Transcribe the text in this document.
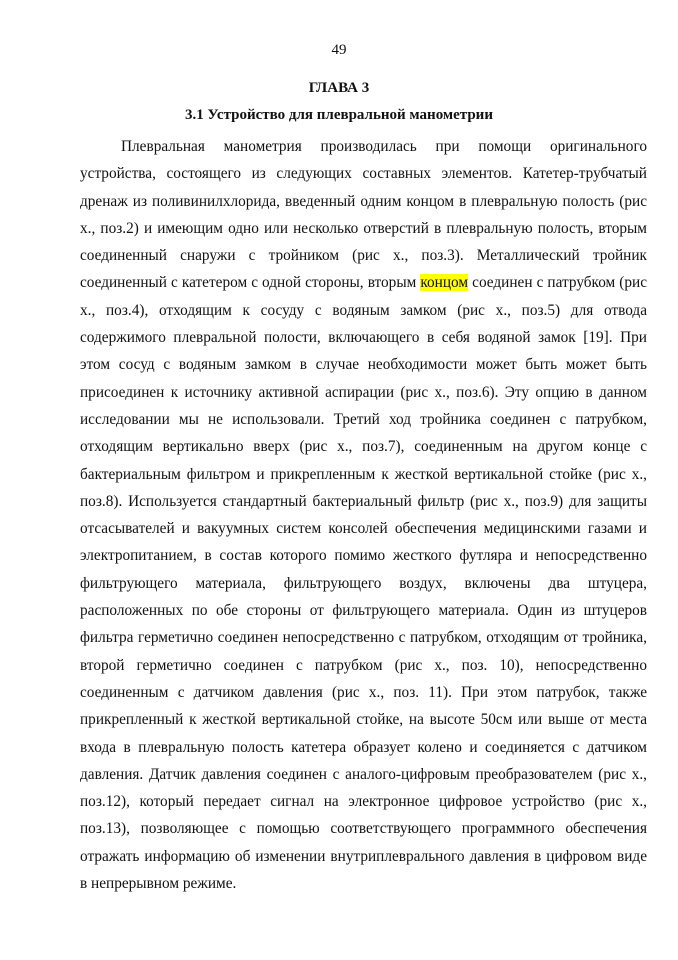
49
ГЛАВА 3
3.1 Устройство для плевральной манометрии

Плевральная манометрия производилась при помощи оригинального устройства, состоящего из следующих составных элементов. Катетер-трубчатый дренаж из поливинилхлорида, введенный одним концом в плевральную полость (рис х., поз.2) и имеющим одно или несколько отверстий в плевральную полость, вторым соединенный снаружи с тройником (рис х., поз.3). Металлический тройник соединенный с катетером с одной стороны, вторым концом соединен с патрубком (рис х., поз.4), отходящим к сосуду с водяным замком (рис х., поз.5) для отвода содержимого плевральной полости, включающего в себя водяной замок [19]. При этом сосуд с водяным замком в случае необходимости может быть может быть присоединен к источнику активной аспирации (рис х., поз.6). Эту опцию в данном исследовании мы не использовали. Третий ход тройника соединен с патрубком, отходящим вертикально вверх (рис х., поз.7), соединенным на другом конце с бактериальным фильтром и прикрепленным к жесткой вертикальной стойке (рис х., поз.8). Используется стандартный бактериальный фильтр (рис х., поз.9) для защиты отсасывателей и вакуумных систем консолей обеспечения медицинскими газами и электропитанием, в состав которого помимо жесткого футляра и непосредственно фильтрующего материала, фильтрующего воздух, включены два штуцера, расположенных по обе стороны от фильтрующего материала. Один из штуцеров фильтра герметично соединен непосредственно с патрубком, отходящим от тройника, второй герметично соединен с патрубком (рис х., поз. 10), непосредственно соединенным с датчиком давления (рис х., поз. 11). При этом патрубок, также прикрепленный к жесткой вертикальной стойке, на высоте 50см или выше от места входа в плевральную полость катетера образует колено и соединяется с датчиком давления. Датчик давления соединен с аналого-цифровым преобразователем (рис х., поз.12), который передает сигнал на электронное цифровое устройство (рис х., поз.13), позволяющее с помощью соответствующего программного обеспечения отражать информацию об изменении внутриплеврального давления в цифровом виде в непрерывном режиме.
